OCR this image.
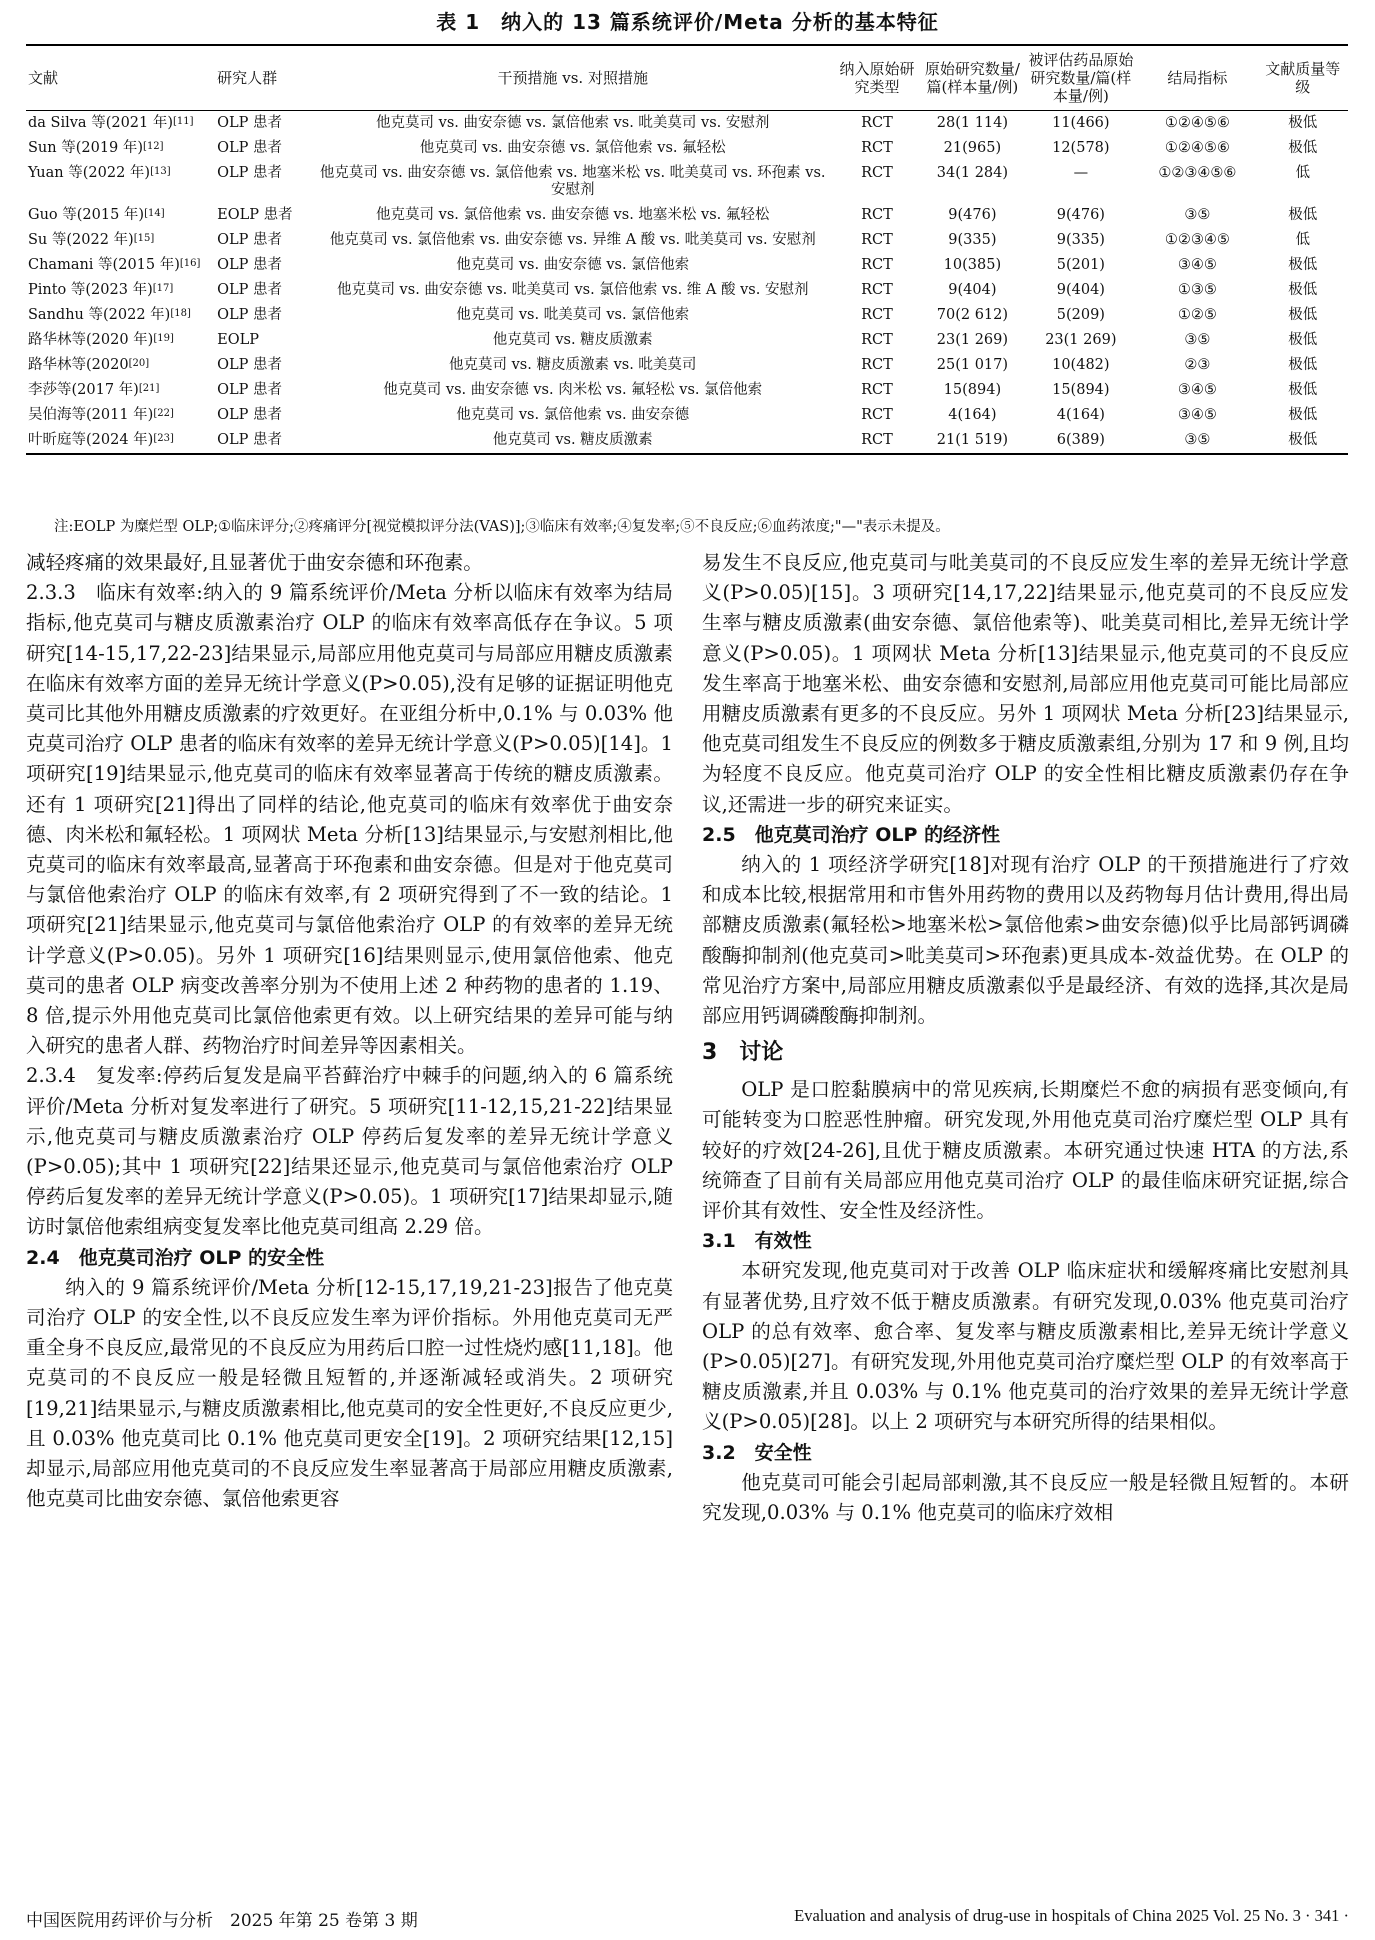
表 1　纳入的 13 篇系统评价/Meta 分析的基本特征
文献	研究人群	干预措施 vs. 对照措施	纳入原始研究类型	原始研究数量/篇(样本量/例)	被评估药品原始研究数量/篇(样本量/例)	结局指标	文献质量等级
da Silva 等(2021 年)[11]	OLP 患者	他克莫司 vs. 曲安奈德 vs. 氯倍他索 vs. 吡美莫司 vs. 安慰剂	RCT	28(1 114)	11(466)	①②④⑤⑥	极低
Sun 等(2019 年)[12]	OLP 患者	他克莫司 vs. 曲安奈德 vs. 氯倍他索 vs. 氟轻松	RCT	21(965)	12(578)	①②④⑤⑥	极低
Yuan 等(2022 年)[13]	OLP 患者	他克莫司 vs. 曲安奈德 vs. 氯倍他索 vs. 地塞米松 vs. 吡美莫司 vs. 环孢素 vs. 安慰剂	RCT	34(1 284)	—	①②③④⑤⑥	低
Guo 等(2015 年)[14]	EOLP 患者	他克莫司 vs. 氯倍他索 vs. 曲安奈德 vs. 地塞米松 vs. 氟轻松	RCT	9(476)	9(476)	③⑤	极低
Su 等(2022 年)[15]	OLP 患者	他克莫司 vs. 氯倍他索 vs. 曲安奈德 vs. 异维 A 酸 vs. 吡美莫司 vs. 安慰剂	RCT	9(335)	9(335)	①②③④⑤	低
Chamani 等(2015 年)[16]	OLP 患者	他克莫司 vs. 曲安奈德 vs. 氯倍他索	RCT	10(385)	5(201)	③④⑤	极低
Pinto 等(2023 年)[17]	OLP 患者	他克莫司 vs. 曲安奈德 vs. 吡美莫司 vs. 氯倍他索 vs. 维 A 酸 vs. 安慰剂	RCT	9(404)	9(404)	①③⑤	极低
Sandhu 等(2022 年)[18]	OLP 患者	他克莫司 vs. 吡美莫司 vs. 氯倍他索	RCT	70(2 612)	5(209)	①②⑤	极低
路华林等(2020 年)[19]	EOLP	他克莫司 vs. 糖皮质激素	RCT	23(1 269)	23(1 269)	③⑤	极低
路华林等(2020[20]	OLP 患者	他克莫司 vs. 糖皮质激素 vs. 吡美莫司	RCT	25(1 017)	10(482)	②③	极低
李莎等(2017 年)[21]	OLP 患者	他克莫司 vs. 曲安奈德 vs. 肉米松 vs. 氟轻松 vs. 氯倍他索	RCT	15(894)	15(894)	③④⑤	极低
吴伯海等(2011 年)[22]	OLP 患者	他克莫司 vs. 氯倍他索 vs. 曲安奈德	RCT	4(164)	4(164)	③④⑤	极低
叶昕庭等(2024 年)[23]	OLP 患者	他克莫司 vs. 糖皮质激素	RCT	21(1 519)	6(389)	③⑤	极低
注:EOLP 为糜烂型 OLP;①临床评分;②疼痛评分[视觉模拟评分法(VAS)];③临床有效率;④复发率;⑤不良反应;⑥血药浓度;"—"表示未提及。

减轻疼痛的效果最好,且显著优于曲安奈德和环孢素。

2.3.3　临床有效率:纳入的 9 篇系统评价/Meta 分析以临床有效率为结局指标,他克莫司与糖皮质激素治疗 OLP 的临床有效率高低存在争议。5 项研究[14-15,17,22-23]结果显示,局部应用他克莫司与局部应用糖皮质激素在临床有效率方面的差异无统计学意义(P>0.05),没有足够的证据证明他克莫司比其他外用糖皮质激素的疗效更好。在亚组分析中,0.1% 与 0.03% 他克莫司治疗 OLP 患者的临床有效率的差异无统计学意义(P>0.05)[14]。1 项研究[19]结果显示,他克莫司的临床有效率显著高于传统的糖皮质激素。还有 1 项研究[21]得出了同样的结论,他克莫司的临床有效率优于曲安奈德、肉米松和氟轻松。1 项网状 Meta 分析[13]结果显示,与安慰剂相比,他克莫司的临床有效率最高,显著高于环孢素和曲安奈德。但是对于他克莫司与氯倍他索治疗 OLP 的临床有效率,有 2 项研究得到了不一致的结论。1 项研究[21]结果显示,他克莫司与氯倍他索治疗 OLP 的有效率的差异无统计学意义(P>0.05)。另外 1 项研究[16]结果则显示,使用氯倍他索、他克莫司的患者 OLP 病变改善率分别为不使用上述 2 种药物的患者的 1.19、8 倍,提示外用他克莫司比氯倍他索更有效。以上研究结果的差异可能与纳入研究的患者人群、药物治疗时间差异等因素相关。

2.3.4　复发率:停药后复发是扁平苔藓治疗中棘手的问题,纳入的 6 篇系统评价/Meta 分析对复发率进行了研究。5 项研究[11-12,15,21-22]结果显示,他克莫司与糖皮质激素治疗 OLP 停药后复发率的差异无统计学意义(P>0.05);其中 1 项研究[22]结果还显示,他克莫司与氯倍他索治疗 OLP 停药后复发率的差异无统计学意义(P>0.05)。1 项研究[17]结果却显示,随访时氯倍他索组病变复发率比他克莫司组高 2.29 倍。

2.4　他克莫司治疗 OLP 的安全性

纳入的 9 篇系统评价/Meta 分析[12-15,17,19,21-23]报告了他克莫司治疗 OLP 的安全性,以不良反应发生率为评价指标。外用他克莫司无严重全身不良反应,最常见的不良反应为用药后口腔一过性烧灼感[11,18]。他克莫司的不良反应一般是轻微且短暂的,并逐渐减轻或消失。2 项研究[19,21]结果显示,与糖皮质激素相比,他克莫司的安全性更好,不良反应更少,且 0.03% 他克莫司比 0.1% 他克莫司更安全[19]。2 项研究结果[12,15]却显示,局部应用他克莫司的不良反应发生率显著高于局部应用糖皮质激素,他克莫司比曲安奈德、氯倍他索更容

易发生不良反应,他克莫司与吡美莫司的不良反应发生率的差异无统计学意义(P>0.05)[15]。3 项研究[14,17,22]结果显示,他克莫司的不良反应发生率与糖皮质激素(曲安奈德、氯倍他索等)、吡美莫司相比,差异无统计学意义(P>0.05)。1 项网状 Meta 分析[13]结果显示,他克莫司的不良反应发生率高于地塞米松、曲安奈德和安慰剂,局部应用他克莫司可能比局部应用糖皮质激素有更多的不良反应。另外 1 项网状 Meta 分析[23]结果显示,他克莫司组发生不良反应的例数多于糖皮质激素组,分别为 17 和 9 例,且均为轻度不良反应。他克莫司治疗 OLP 的安全性相比糖皮质激素仍存在争议,还需进一步的研究来证实。

2.5　他克莫司治疗 OLP 的经济性

纳入的 1 项经济学研究[18]对现有治疗 OLP 的干预措施进行了疗效和成本比较,根据常用和市售外用药物的费用以及药物每月估计费用,得出局部糖皮质激素(氟轻松>地塞米松>氯倍他索>曲安奈德)似乎比局部钙调磷酸酶抑制剂(他克莫司>吡美莫司>环孢素)更具成本-效益优势。在 OLP 的常见治疗方案中,局部应用糖皮质激素似乎是最经济、有效的选择,其次是局部应用钙调磷酸酶抑制剂。

3　讨论

OLP 是口腔黏膜病中的常见疾病,长期糜烂不愈的病损有恶变倾向,有可能转变为口腔恶性肿瘤。研究发现,外用他克莫司治疗糜烂型 OLP 具有较好的疗效[24-26],且优于糖皮质激素。本研究通过快速 HTA 的方法,系统筛查了目前有关局部应用他克莫司治疗 OLP 的最佳临床研究证据,综合评价其有效性、安全性及经济性。

3.1　有效性

本研究发现,他克莫司对于改善 OLP 临床症状和缓解疼痛比安慰剂具有显著优势,且疗效不低于糖皮质激素。有研究发现,0.03% 他克莫司治疗 OLP 的总有效率、愈合率、复发率与糖皮质激素相比,差异无统计学意义(P>0.05)[27]。有研究发现,外用他克莫司治疗糜烂型 OLP 的有效率高于糖皮质激素,并且 0.03% 与 0.1% 他克莫司的治疗效果的差异无统计学意义(P>0.05)[28]。以上 2 项研究与本研究所得的结果相似。

3.2　安全性

他克莫司可能会引起局部刺激,其不良反应一般是轻微且短暂的。本研究发现,0.03% 与 0.1% 他克莫司的临床疗效相

中国医院用药评价与分析　2025 年第 25 卷第 3 期	Evaluation and analysis of drug-use in hospitals of China 2025 Vol. 25 No. 3 · 341 ·
